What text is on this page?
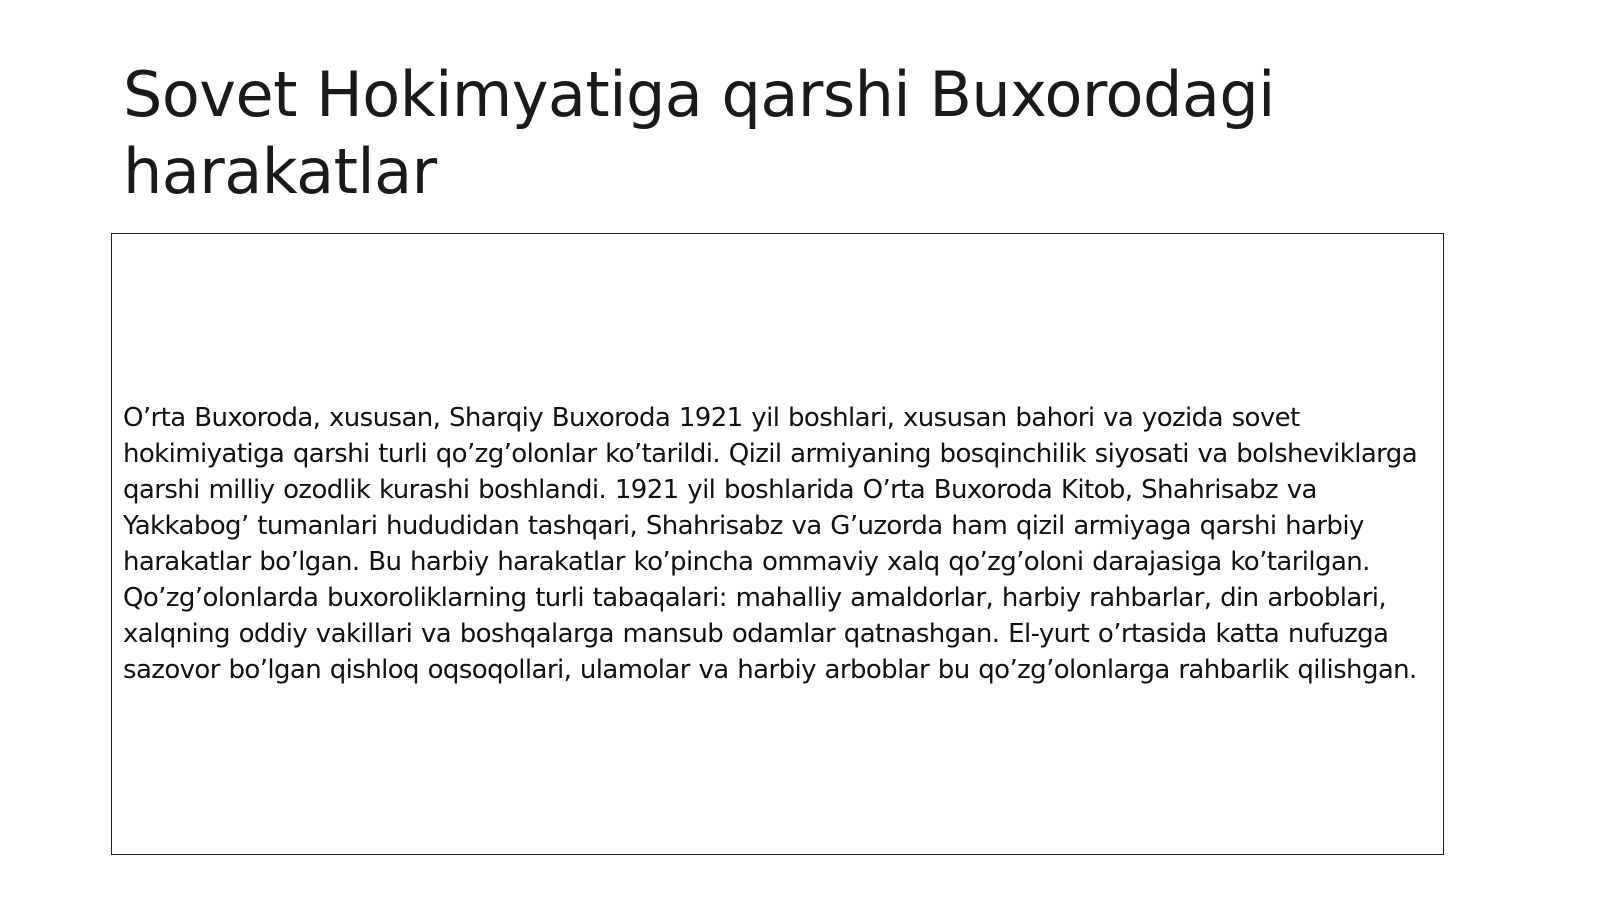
Sovet Hokimyatiga qarshi Buxorodagi harakatlar

O’rta Buxoroda, xususan, Sharqiy Buxoroda 1921 yil boshlari, xususan bahori va yozida sovet hokimiyatiga qarshi turli qo’zg’olonlar ko’tarildi. Qizil armiyaning bosqinchilik siyosati va bolsheviklarga qarshi milliy ozodlik kurashi boshlandi. 1921 yil boshlarida O’rta Buxoroda Kitob, Shahrisabz va Yakkabog’ tumanlari hududidan tashqari, Shahrisabz va G’uzorda ham qizil armiyaga qarshi harbiy harakatlar bo’lgan. Bu harbiy harakatlar ko’pincha ommaviy xalq qo’zg’oloni darajasiga ko’tarilgan. Qo’zg’olonlarda buxoroliklarning turli tabaqalari: mahalliy amaldorlar, harbiy rahbarlar, din arboblari, xalqning oddiy vakillari va boshqalarga mansub odamlar qatnashgan. El-yurt o’rtasida katta nufuzga sazovor bo’lgan qishloq oqsoqollari, ulamolar va harbiy arboblar bu qo’zg’olonlarga rahbarlik qilishgan.
